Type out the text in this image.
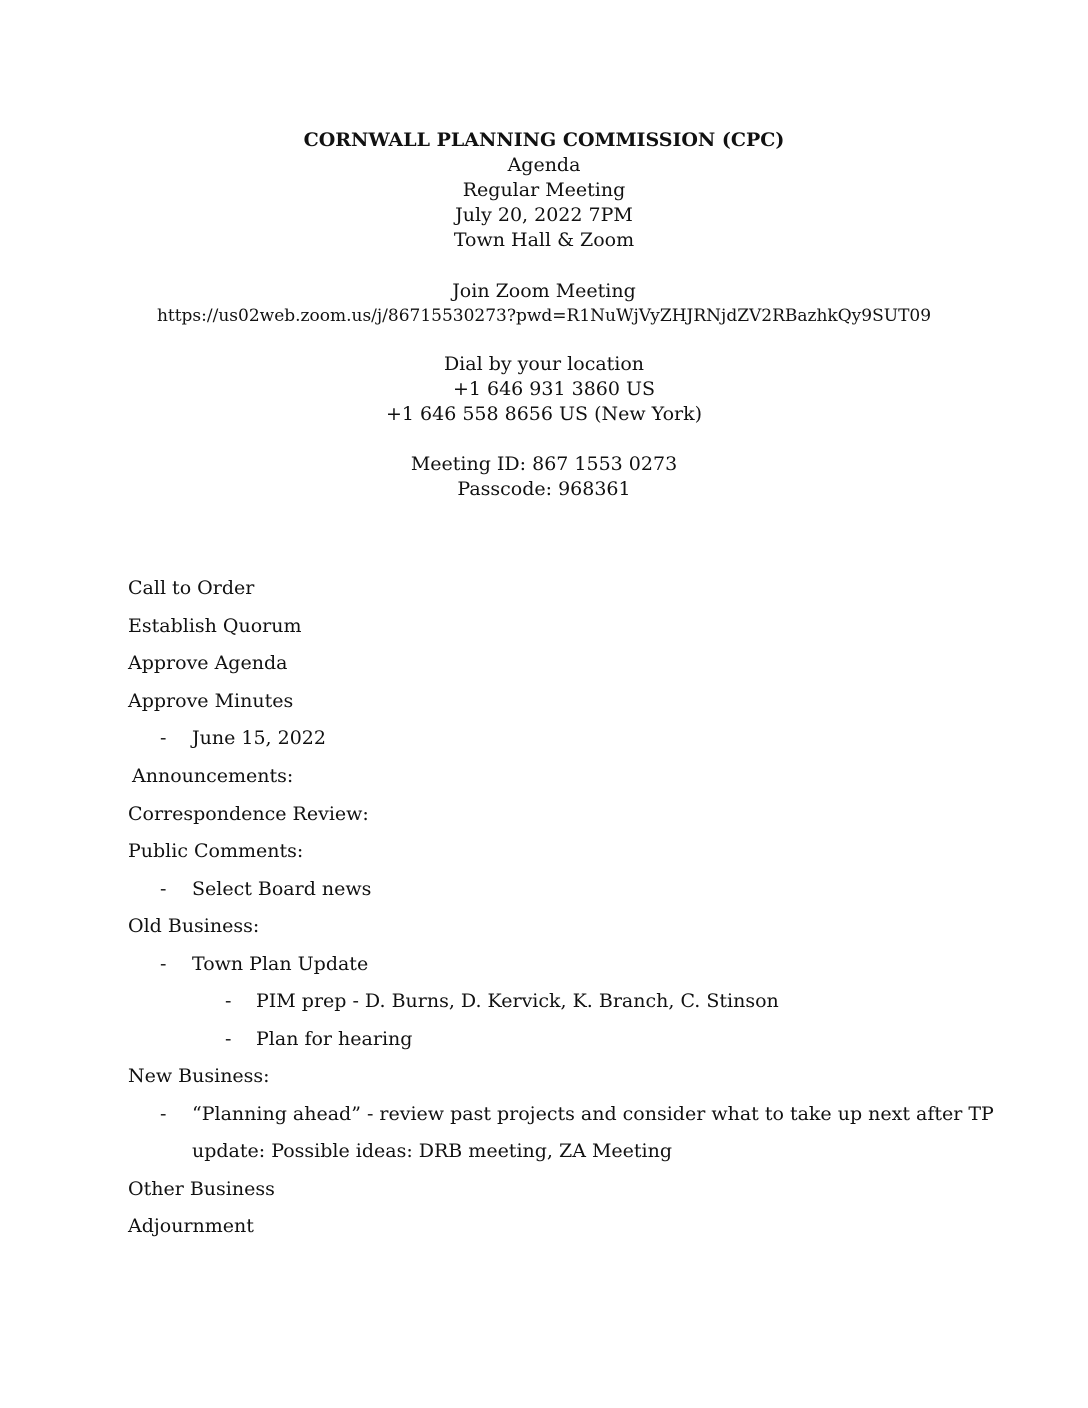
CORNWALL PLANNING COMMISSION (CPC)
Agenda
Regular Meeting
July 20, 2022 7PM
Town Hall & Zoom
Join Zoom Meeting
https://us02web.zoom.us/j/86715530273?pwd=R1NuWjVyZHJRNjdZV2RBazhkQy9SUT09
Dial by your location
+1 646 931 3860 US
+1 646 558 8656 US (New York)
Meeting ID: 867 1553 0273
Passcode: 968361
Call to Order
Establish Quorum
Approve Agenda
Approve Minutes
- June 15, 2022
Announcements:
Correspondence Review:
Public Comments:
- Select Board news
Old Business:
- Town Plan Update
- PIM prep - D. Burns, D. Kervick, K. Branch, C. Stinson
- Plan for hearing
New Business:
- “Planning ahead” - review past projects and consider what to take up next after TP
update: Possible ideas: DRB meeting, ZA Meeting
Other Business
Adjournment
